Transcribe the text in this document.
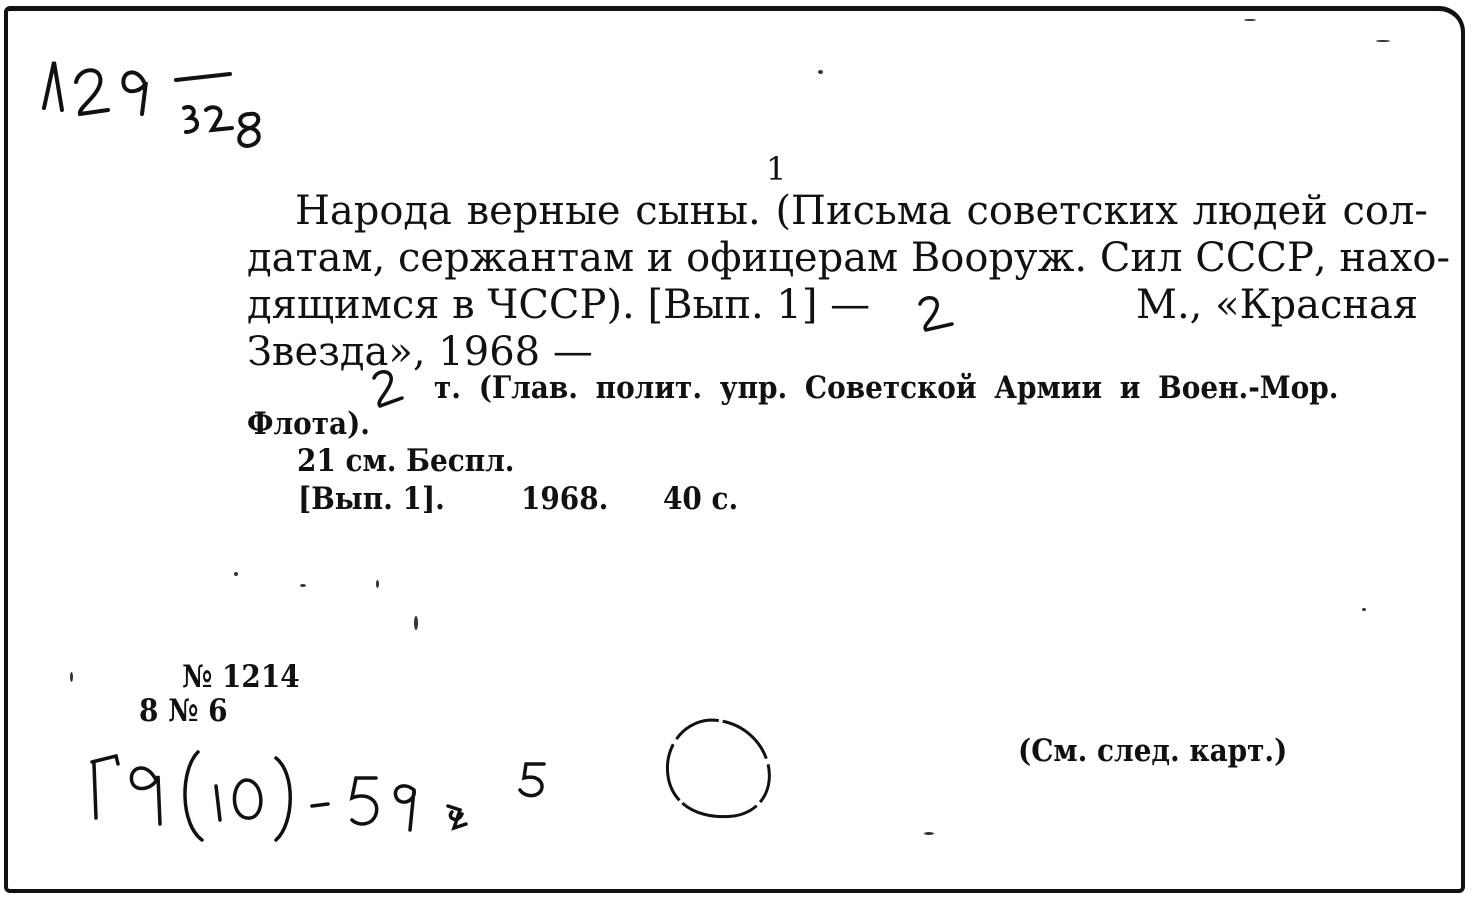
1
Народа верные сыны. (Письма советских людей сол-
датам, сержантам и офицерам Вооруж. Сил СССР, нахо-
дящимся в ЧССР). [Вып. 1] —	М., «Красная
Звезда», 1968 —
т. (Глав. полит. упр. Советской Армии и Воен.-Мор.
Флота).
21 см. Беспл.
[Вып. 1]. 1968. 40 с.
№ 1214
8 № 6
(См. след. карт.)
